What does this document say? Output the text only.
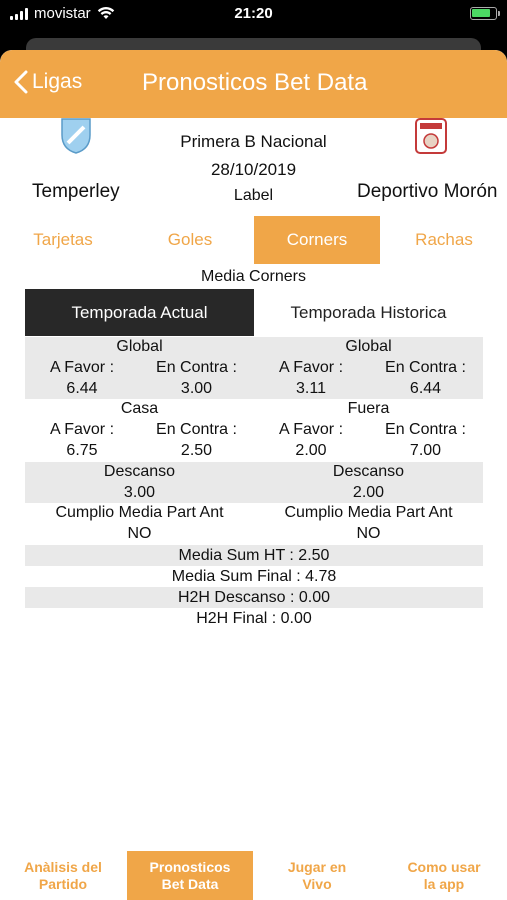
movistar	21:20
Ligas Pronosticos Bet Data
Primera B Nacional
28/10/2019
Temperley	Label	Deportivo Morón
Tarjetas	Goles	Corners	Rachas
Media Corners
Temporada Actual	Temporada Historica
Global	Global
A Favor :	En Contra :	A Favor :	En Contra :
6.44	3.00	3.11	6.44
Casa	Fuera
A Favor :	En Contra :	A Favor :	En Contra :
6.75	2.50	2.00	7.00
Descanso	Descanso
3.00	2.00
Cumplio Media Part Ant	Cumplio Media Part Ant
NO	NO
Media Sum HT : 2.50
Media Sum Final : 4.78
H2H Descanso : 0.00
H2H Final : 0.00
Anàlisis del
Partido
Pronosticos
Bet Data
Jugar en
Vivo
Como usar
la app
